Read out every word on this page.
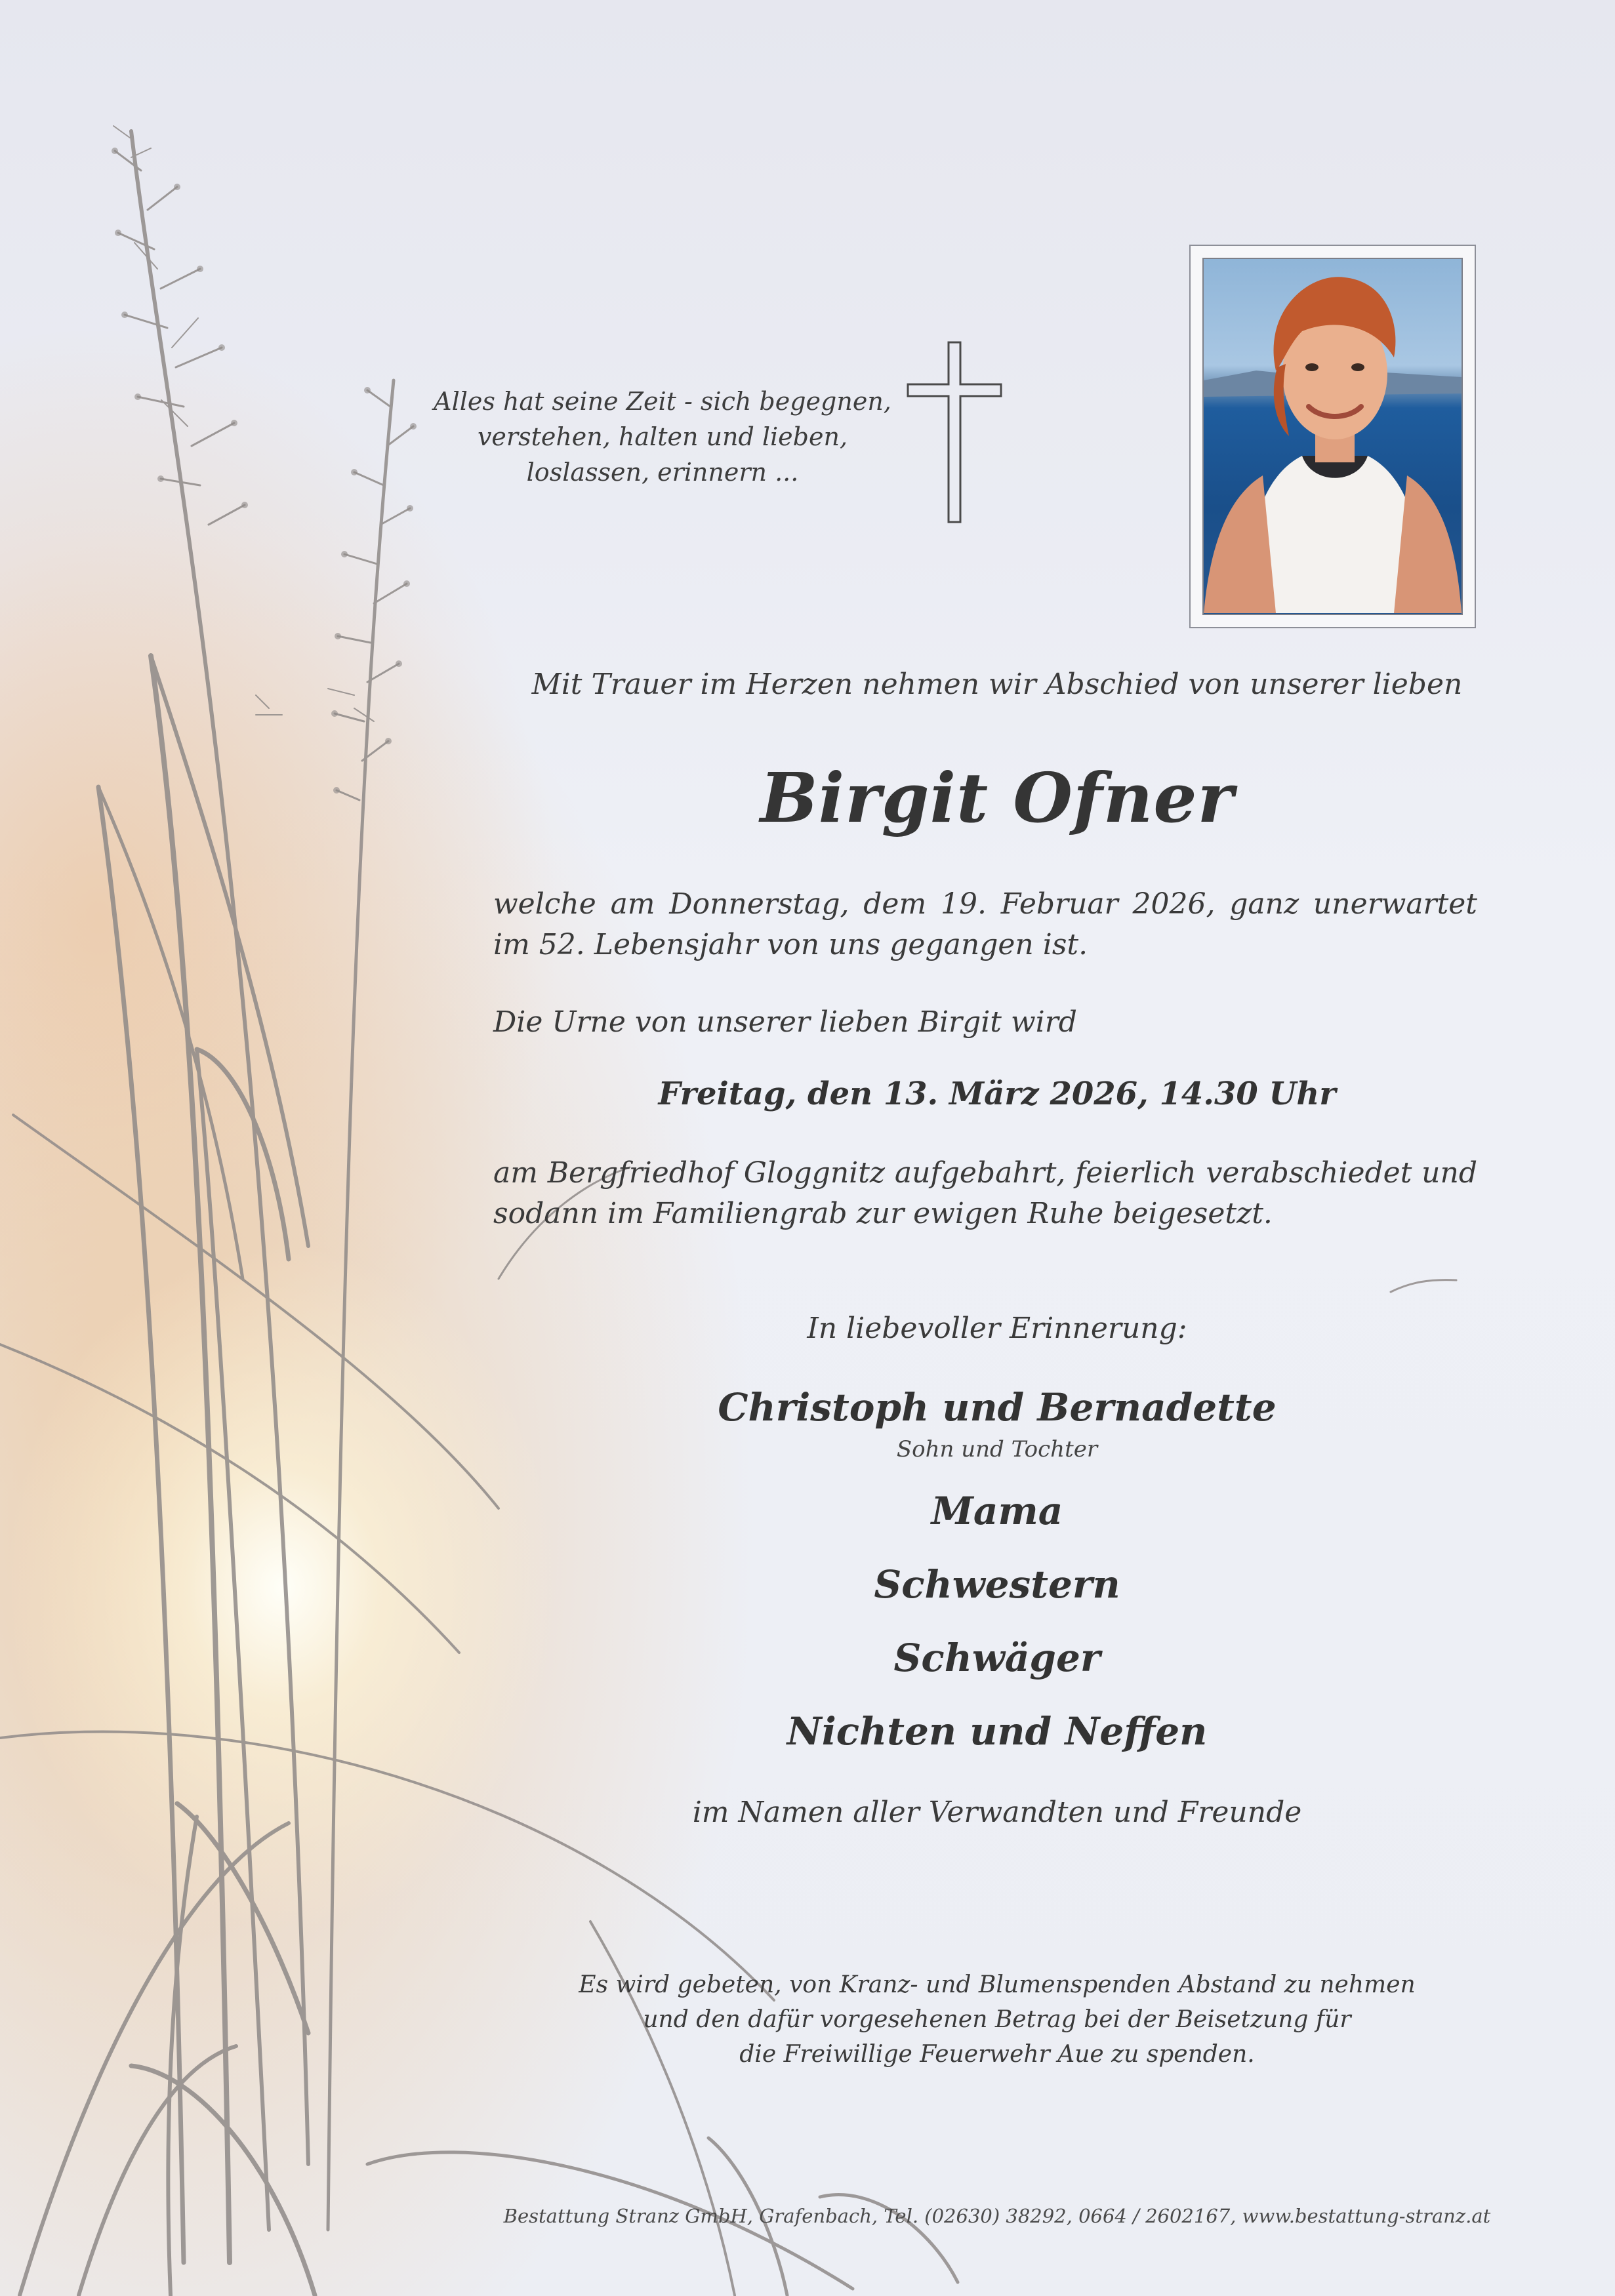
Alles hat seine Zeit - sich begegnen,
verstehen, halten und lieben,
loslassen, erinnern ...
Mit Trauer im Herzen nehmen wir Abschied von unserer lieben
Birgit Ofner
welche am Donnerstag, dem 19. Februar 2026, ganz unerwartet im 52. Lebensjahr von uns gegangen ist.
Die Urne von unserer lieben Birgit wird
Freitag, den 13. März 2026, 14.30 Uhr
am Bergfriedhof Gloggnitz aufgebahrt, feierlich verabschiedet und sodann im Familiengrab zur ewigen Ruhe beigesetzt.
In liebevoller Erinnerung:
Christoph und Bernadette
Sohn und Tochter
Mama
Schwestern
Schwäger
Nichten und Neffen
im Namen aller Verwandten und Freunde
Es wird gebeten, von Kranz- und Blumenspenden Abstand zu nehmen
und den dafür vorgesehenen Betrag bei der Beisetzung für
die Freiwillige Feuerwehr Aue zu spenden.
Bestattung Stranz GmbH, Grafenbach, Tel. (02630) 38292, 0664 / 2602167, www.bestattung-stranz.at
